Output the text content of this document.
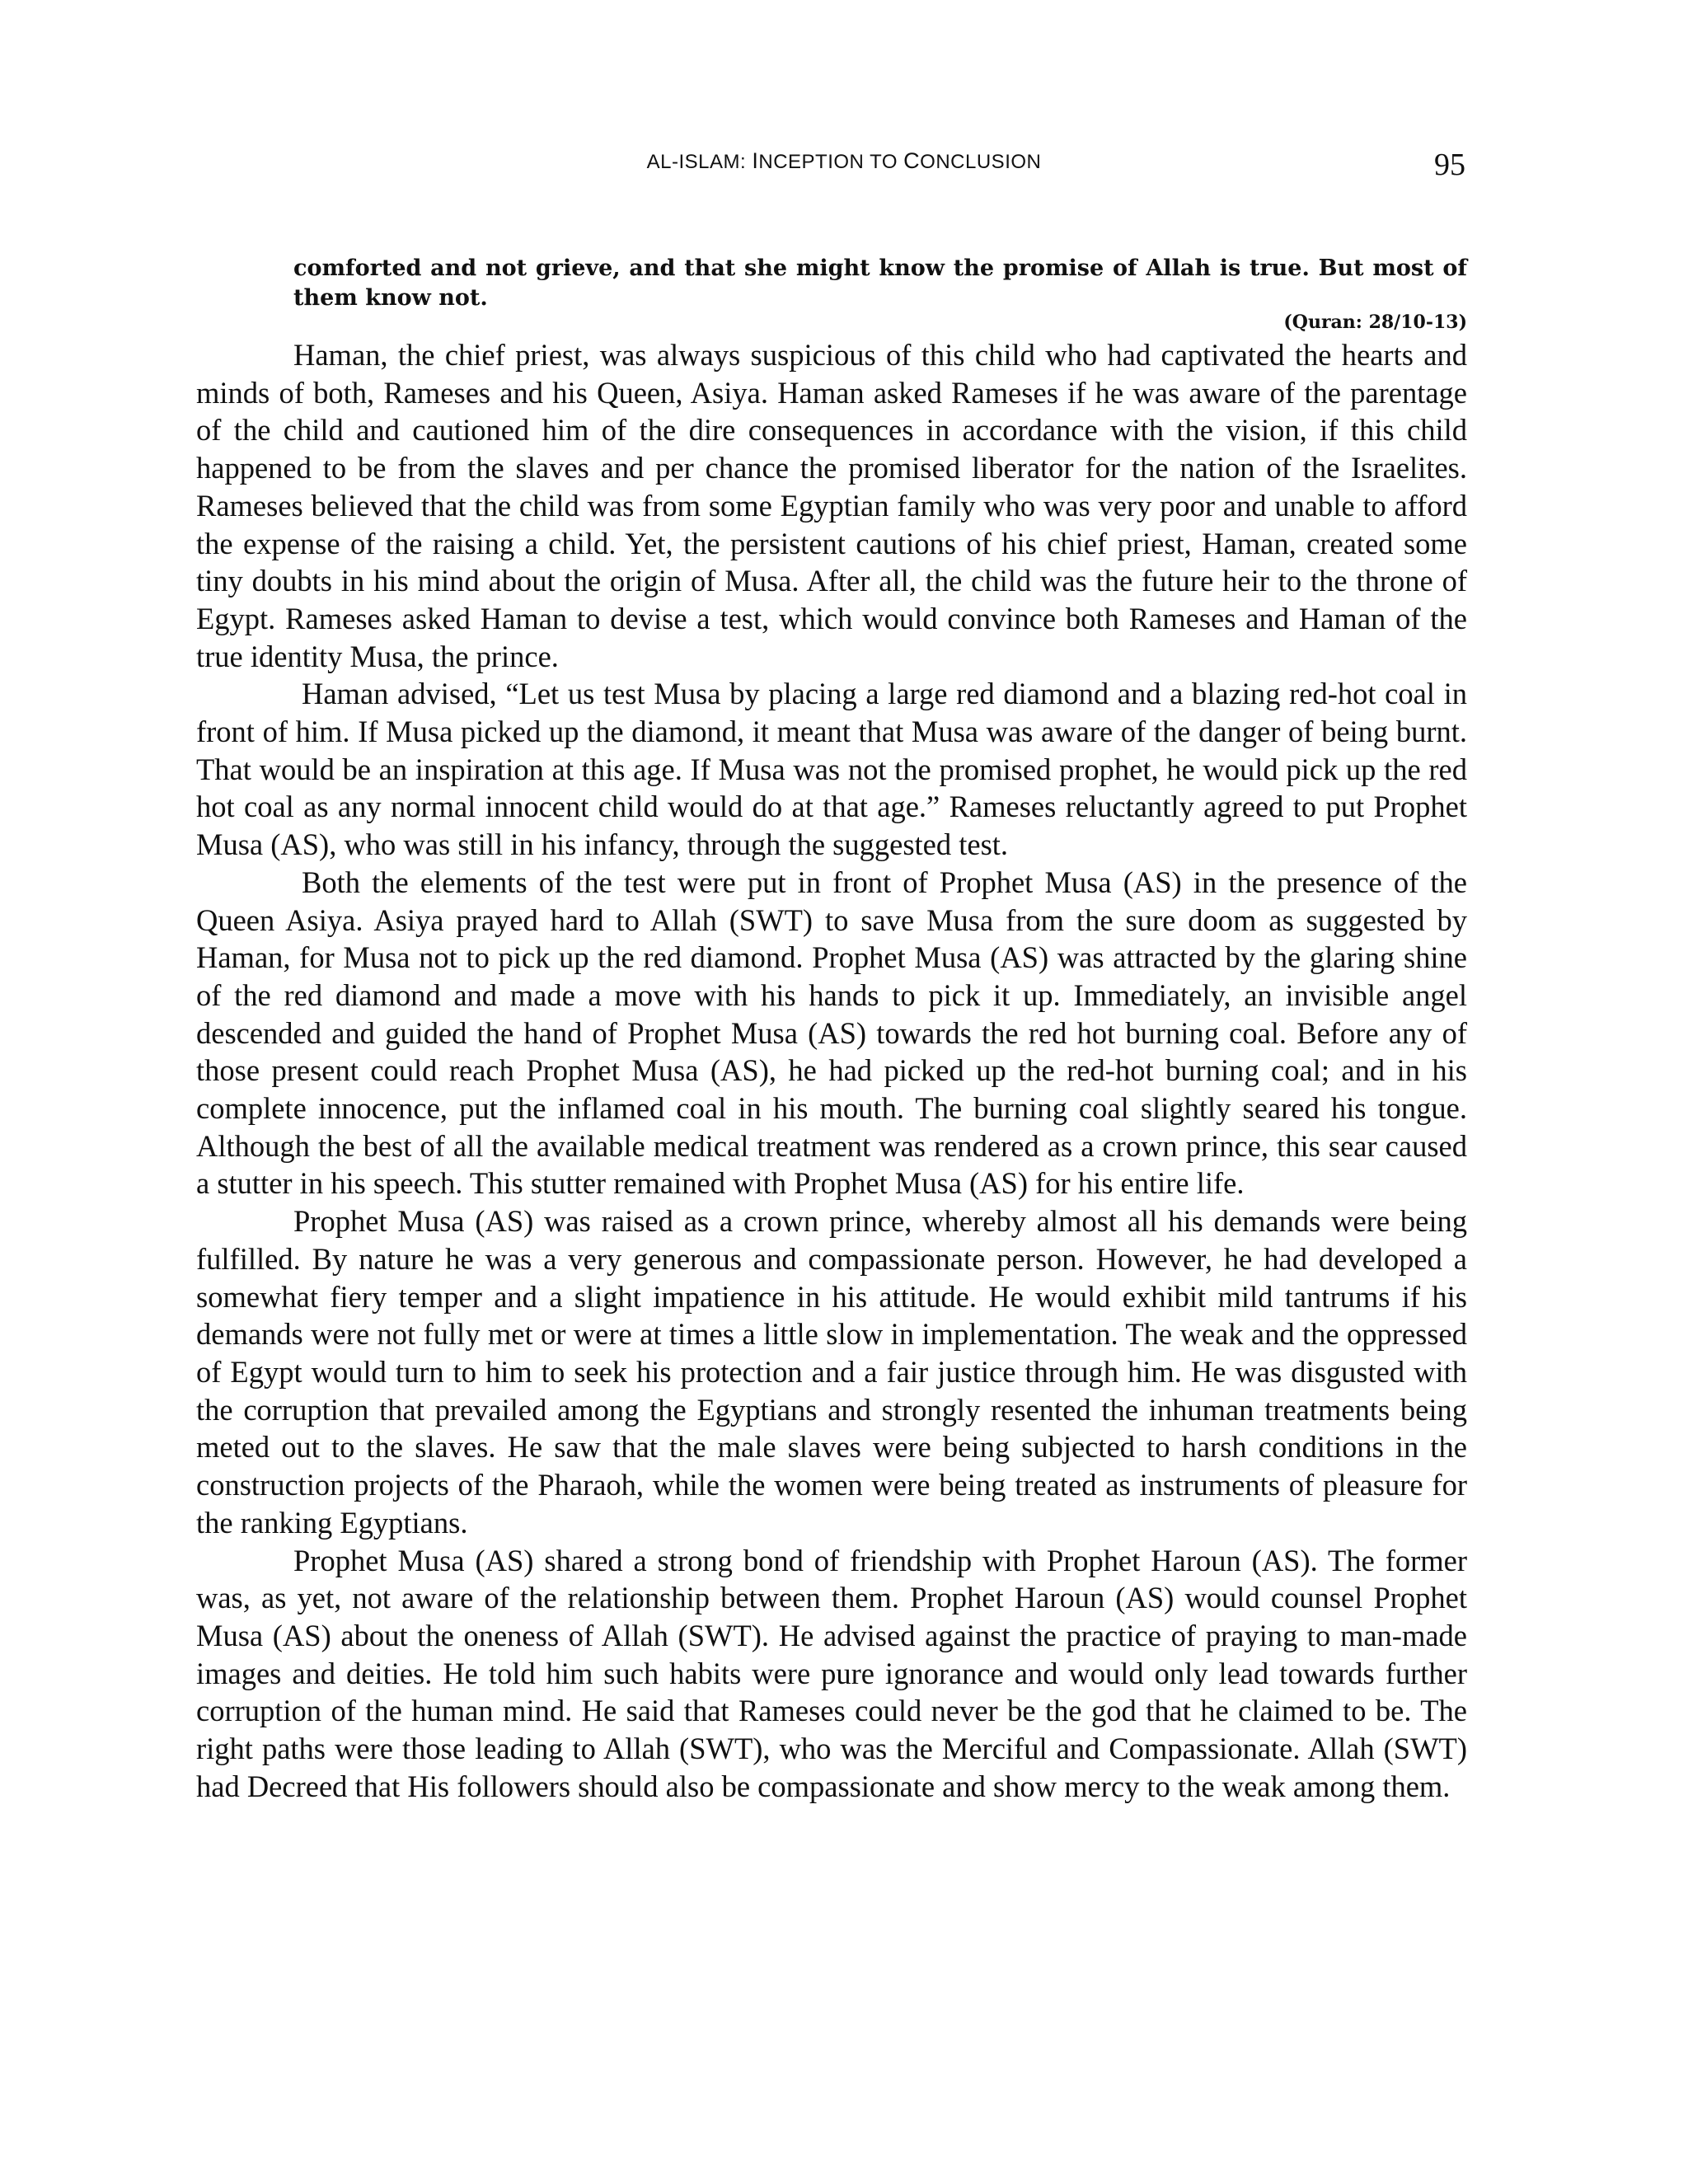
AL-ISLAM: INCEPTION TO CONCLUSION	95
comforted and not grieve, and that she might know the promise of Allah is true. But most of them know not.
(Quran: 28/10-13)

Haman, the chief priest, was always suspicious of this child who had captivated the hearts and minds of both, Rameses and his Queen, Asiya. Haman asked Rameses if he was aware of the parentage of the child and cautioned him of the dire consequences in accordance with the vision, if this child happened to be from the slaves and per chance the promised liberator for the nation of the Israelites. Rameses believed that the child was from some Egyptian family who was very poor and unable to afford the expense of the raising a child. Yet, the persistent cautions of his chief priest, Haman, created some tiny doubts in his mind about the origin of Musa. After all, the child was the future heir to the throne of Egypt. Rameses asked Haman to devise a test, which would convince both Rameses and Haman of the true identity Musa, the prince.

Haman advised, “Let us test Musa by placing a large red diamond and a blazing red-hot coal in front of him. If Musa picked up the diamond, it meant that Musa was aware of the danger of being burnt. That would be an inspiration at this age. If Musa was not the promised prophet, he would pick up the red hot coal as any normal innocent child would do at that age.” Rameses reluctantly agreed to put Prophet Musa (AS), who was still in his infancy, through the suggested test.

Both the elements of the test were put in front of Prophet Musa (AS) in the presence of the Queen Asiya. Asiya prayed hard to Allah (SWT) to save Musa from the sure doom as suggested by Haman, for Musa not to pick up the red diamond. Prophet Musa (AS) was attracted by the glaring shine of the red diamond and made a move with his hands to pick it up. Immediately, an invisible angel descended and guided the hand of Prophet Musa (AS) towards the red hot burning coal. Before any of those present could reach Prophet Musa (AS), he had picked up the red-hot burning coal; and in his complete innocence, put the inflamed coal in his mouth. The burning coal slightly seared his tongue. Although the best of all the available medical treatment was rendered as a crown prince, this sear caused a stutter in his speech. This stutter remained with Prophet Musa (AS) for his entire life.

Prophet Musa (AS) was raised as a crown prince, whereby almost all his demands were being fulfilled. By nature he was a very generous and compassionate person. However, he had developed a somewhat fiery temper and a slight impatience in his attitude. He would exhibit mild tantrums if his demands were not fully met or were at times a little slow in implementation. The weak and the oppressed of Egypt would turn to him to seek his protection and a fair justice through him. He was disgusted with the corruption that prevailed among the Egyptians and strongly resented the inhuman treatments being meted out to the slaves. He saw that the male slaves were being subjected to harsh conditions in the construction projects of the Pharaoh, while the women were being treated as instruments of pleasure for the ranking Egyptians.

Prophet Musa (AS) shared a strong bond of friendship with Prophet Haroun (AS). The former was, as yet, not aware of the relationship between them. Prophet Haroun (AS) would counsel Prophet Musa (AS) about the oneness of Allah (SWT). He advised against the practice of praying to man-made images and deities. He told him such habits were pure ignorance and would only lead towards further corruption of the human mind. He said that Rameses could never be the god that he claimed to be. The right paths were those leading to Allah (SWT), who was the Merciful and Compassionate. Allah (SWT) had Decreed that His followers should also be compassionate and show mercy to the weak among them.
